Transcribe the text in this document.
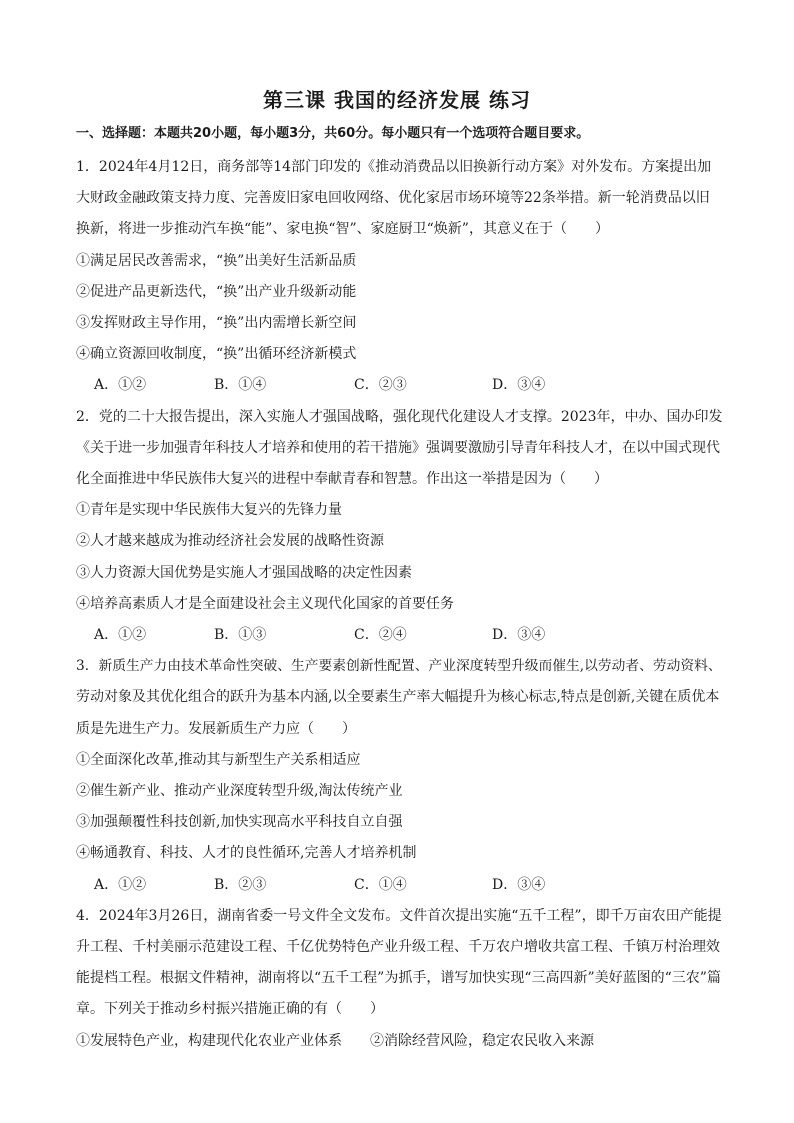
第三课 我国的经济发展 练习
一、选择题：本题共20小题，每小题3分，共60分。每小题只有一个选项符合题目要求。

1．2024年4月12日，商务部等14部门印发的《推动消费品以旧换新行动方案》对外发布。方案提出加
大财政金融政策支持力度、完善废旧家电回收网络、优化家居市场环境等22条举措。新一轮消费品以旧
换新，将进一步推动汽车换“能”、家电换“智”、家庭厨卫“焕新”，其意义在于（　　）

①满足居民改善需求，“换”出美好生活新品质
②促进产品更新迭代，“换”出产业升级新动能
③发挥财政主导作用，“换”出内需增长新空间
④确立资源回收制度，“换”出循环经济新模式
A．①②	B．①④	C．②③	D．③④

2．党的二十大报告提出，深入实施人才强国战略，强化现代化建设人才支撑。2023年，中办、国办印发
《关于进一步加强青年科技人才培养和使用的若干措施》强调要激励引导青年科技人才，在以中国式现代
化全面推进中华民族伟大复兴的进程中奉献青春和智慧。作出这一举措是因为（　　）

①青年是实现中华民族伟大复兴的先锋力量
②人才越来越成为推动经济社会发展的战略性资源
③人力资源大国优势是实施人才强国战略的决定性因素
④培养高素质人才是全面建设社会主义现代化国家的首要任务
A．①②	B．①③	C．②④	D．③④

3．新质生产力由技术革命性突破、生产要素创新性配置、产业深度转型升级而催生,以劳动者、劳动资料、
劳动对象及其优化组合的跃升为基本内涵,以全要素生产率大幅提升为核心标志,特点是创新,关键在质优本
质是先进生产力。发展新质生产力应（　　）

①全面深化改革,推动其与新型生产关系相适应
②催生新产业、推动产业深度转型升级,淘汰传统产业
③加强颠覆性科技创新,加快实现高水平科技自立自强
④畅通教育、科技、人才的良性循环,完善人才培养机制
A．①②	B．②③	C．①④	D．③④

4．2024年3月26日，湖南省委一号文件全文发布。文件首次提出实施“五千工程”，即千万亩农田产能提
升工程、千村美丽示范建设工程、千亿优势特色产业升级工程、千万农户增收共富工程、千镇万村治理效
能提档工程。根据文件精神，湖南将以“五千工程”为抓手，谱写加快实现“三高四新”美好蓝图的“三农”篇
章。下列关于推动乡村振兴措施正确的有（　　）

①发展特色产业，构建现代化农业产业体系 ②消除经营风险，稳定农民收入来源
